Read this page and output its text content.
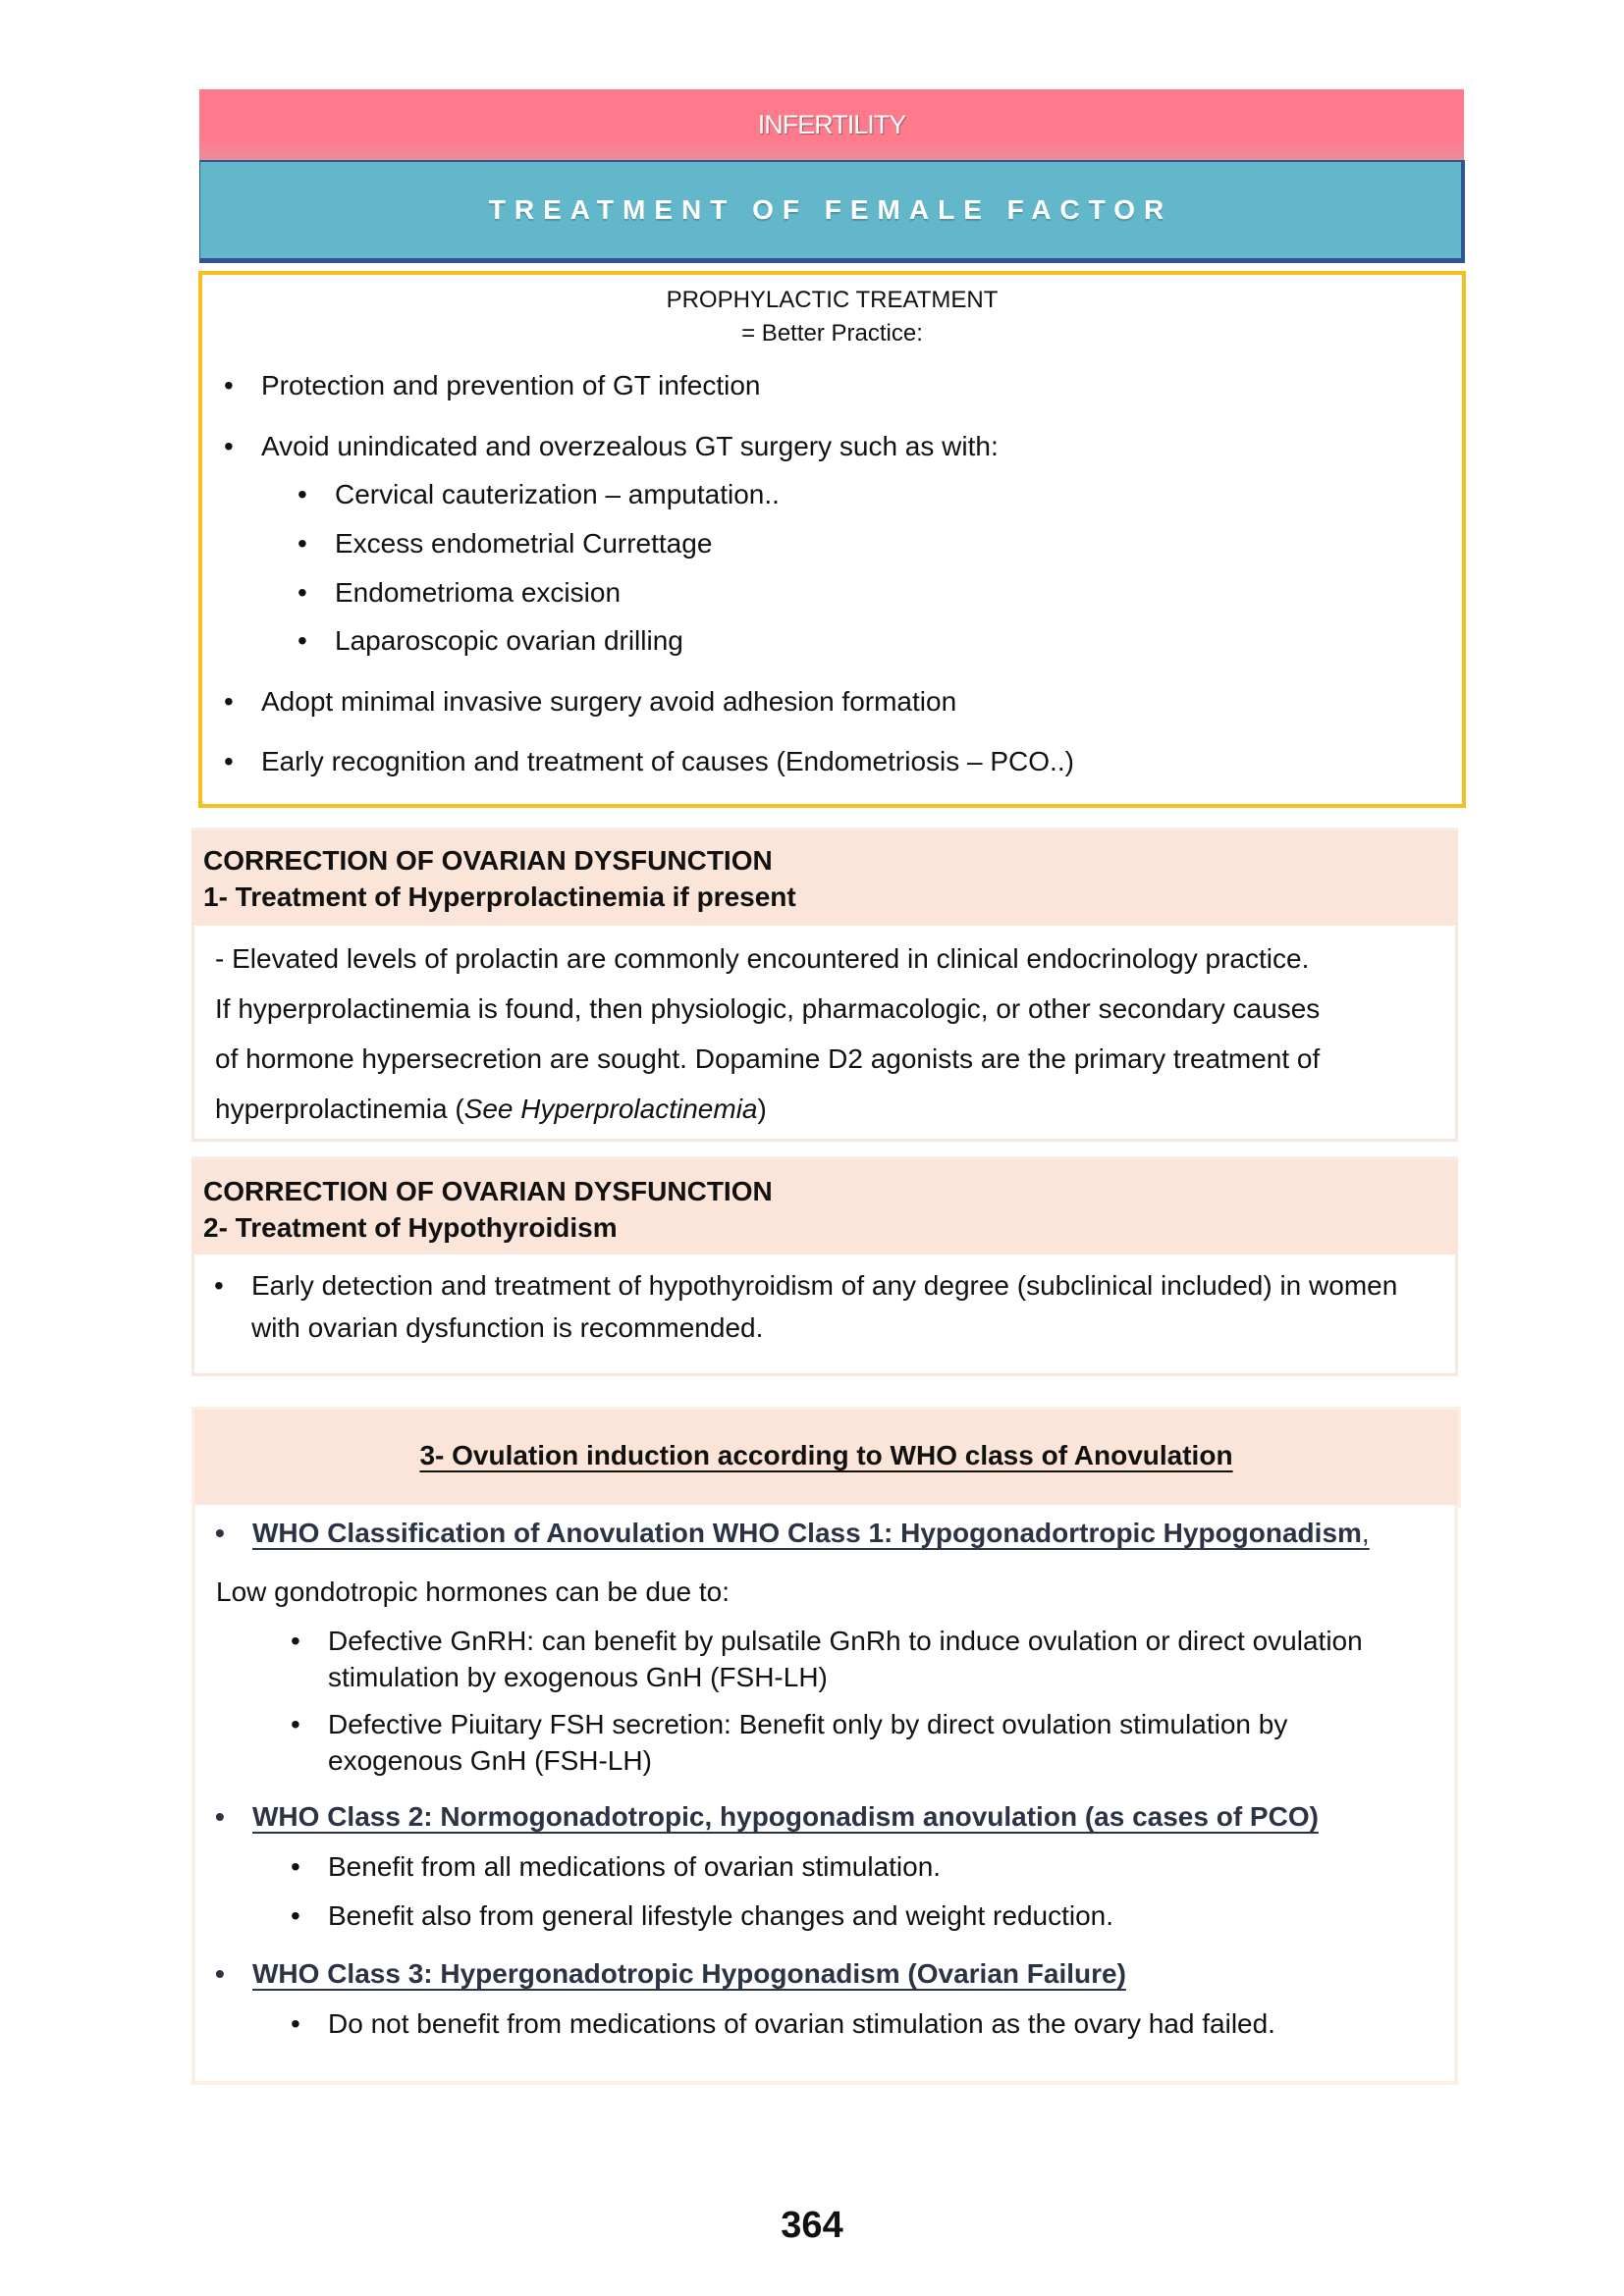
INFERTILITY
TREATMENT OF FEMALE FACTOR
PROPHYLACTIC TREATMENT
= Better Practice:
• Protection and prevention of GT infection
• Avoid unindicated and overzealous GT surgery such as with:
• Cervical cauterization – amputation..
• Excess endometrial Currettage
• Endometrioma excision
• Laparoscopic ovarian drilling
• Adopt minimal invasive surgery avoid adhesion formation
• Early recognition and treatment of causes (Endometriosis – PCO..)
CORRECTION OF OVARIAN DYSFUNCTION
1- Treatment of Hyperprolactinemia if present

- Elevated levels of prolactin are commonly encountered in clinical endocrinology practice.
If hyperprolactinemia is found, then physiologic, pharmacologic, or other secondary causes
of hormone hypersecretion are sought. Dopamine D2 agonists are the primary treatment of
hyperprolactinemia (See Hyperprolactinemia)

CORRECTION OF OVARIAN DYSFUNCTION
2- Treatment of Hypothyroidism
• Early detection and treatment of hypothyroidism of any degree (subclinical included) in women with ovarian dysfunction is recommended.
3- Ovulation induction according to WHO class of Anovulation
• WHO Classification of Anovulation WHO Class 1: Hypogonadortropic Hypogonadism,
Low gondotropic hormones can be due to:
• Defective GnRH: can benefit by pulsatile GnRh to induce ovulation or direct ovulation stimulation by exogenous GnH (FSH-LH)
• Defective Piuitary FSH secretion: Benefit only by direct ovulation stimulation by exogenous GnH (FSH-LH)
• WHO Class 2: Normogonadotropic, hypogonadism anovulation (as cases of PCO)
• Benefit from all medications of ovarian stimulation.
• Benefit also from general lifestyle changes and weight reduction.
• WHO Class 3: Hypergonadotropic Hypogonadism (Ovarian Failure)
• Do not benefit from medications of ovarian stimulation as the ovary had failed.
364
